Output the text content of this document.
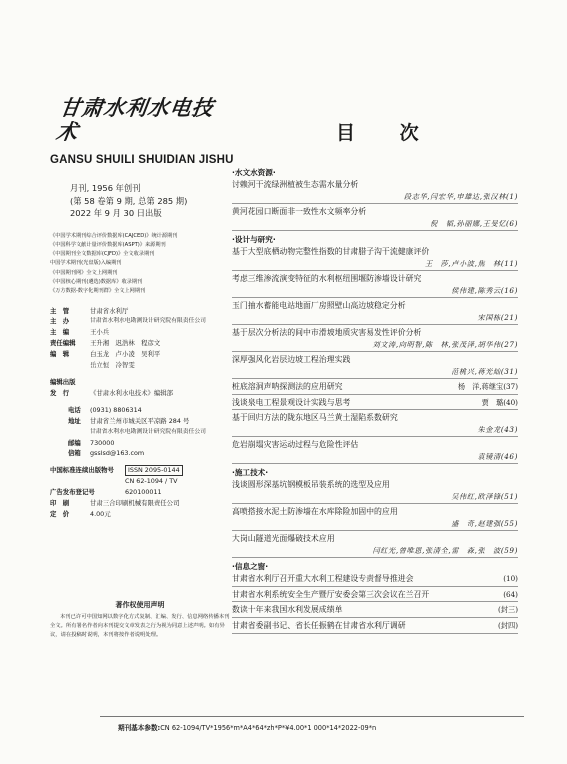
甘肃水利水电技术
GANSU SHUILI SHUIDIAN JISHU
月刊, 1956 年创刊
(第 58 卷第 9 期, 总第 285 期)
2022 年 9 月 30 日出版
《中国学术期刊综合评价数据库(CAJCED)》统计源期刊
《中国科学文献计量评价数据库(ASPT)》来源期刊
《中国期刊全文数据库(CJFD)》全文收录期刊
中国学术期刊(光盘版)入编期刊
《中国期刊网》全文上网期刊
《中国核心期刊(遴选)数据库》收录期刊
《万方数据-数字化期刊群》全文上网期刊
主　管	甘肃省水利厅
主　办	甘肃省水利水电勘测设计研究院有限责任公司
主　编	王小兵
责任编辑	王升湘　迟浩林　程彦文
编　辑	白玉龙　卢小凌　吴利平
岳立恒　冷智雯
编辑出版
发　行	《甘肃水利水电技术》编辑部
电话	(0931) 8806314
地址	甘肃省兰州市城关区平凉路 284 号
甘肃省水利水电勘测设计研究院有限责任公司
邮编	730000
信箱	gsslsd@163.com
中国标准连续出版物号	ISSN 2095-0144
CN 62-1094 / TV
广告发布登记号	620100011
印　刷	甘肃三合印刷机械有限责任公司
定　价	4.00元
著作权使用声明
本刊已许可中国知网以数字化方式复制、汇编、发行、信息网络传播本刊全文。所有署名作者向本刊提交文章发表之行为视为同意上述声明。如有异议，请在投稿时说明，本刊将按作者说明处理。
目 次
·水文水资源·
讨赖河干流绿洲植被生态需水量分析
段志华,闫宏华,申雄达,张汉林(1)
黄河花园口断面非一致性水文频率分析
倪　韬,孙丽娜,王旻忆(6)
·设计与研究·
基于大型底栖动物完整性指数的甘肃腊子沟干流健康评价
王　莎,卢小波,焦　林(11)
考虑三维渗流演变特征的水利枢纽围堰防渗墙设计研究
侯伟建,陈秀云(16)
玉门抽水蓄能电站地面厂房照壁山高边坡稳定分析
宋国栋(21)
基于层次分析法的间中市滑坡地质灾害易发性评价分析
刘文涛,向明智,陈　林,张茂泽,胡华伟(27)
深厚强风化岩层边坡工程治理实践
范桃兴,蒋光灿(31)
桩底溶洞声呐探测法的应用研究	杨　洋,蒋继宝(37)
浅谈泉电工程景观设计实践与思考	贾　璐(40)
基于回归方法的陇东地区马兰黄土湿陷系数研究
朱金龙(43)
危岩崩塌灾害运动过程与危险性评估
袁镜清(46)
·施工技术·
浅谈圆形深基坑钢模板吊装系统的选型及应用
吴伟红,欧泽锋(51)
高喷搭接水泥土防渗墙在水库除险加固中的应用
盛　奇,赵建强(55)
大岗山隧道光面爆破技术应用
闫红光,曾唯恩,张清全,雷　森,张　波(59)
·信息之窗·
甘肃省水利厅召开重大水利工程建设专责督导推进会	(10)
甘肃省水利系统安全生产暨厅安委会第三次会议在兰召开	(64)
数读十年来我国水利发展成绩单	(封三)
甘肃省委副书记、省长任振鹤在甘肃省水利厅调研	(封四)
期刊基本参数:CN 62-1094/TV*1956*m*A4*64*zh*P*¥4.00*1 000*14*2022-09*n
